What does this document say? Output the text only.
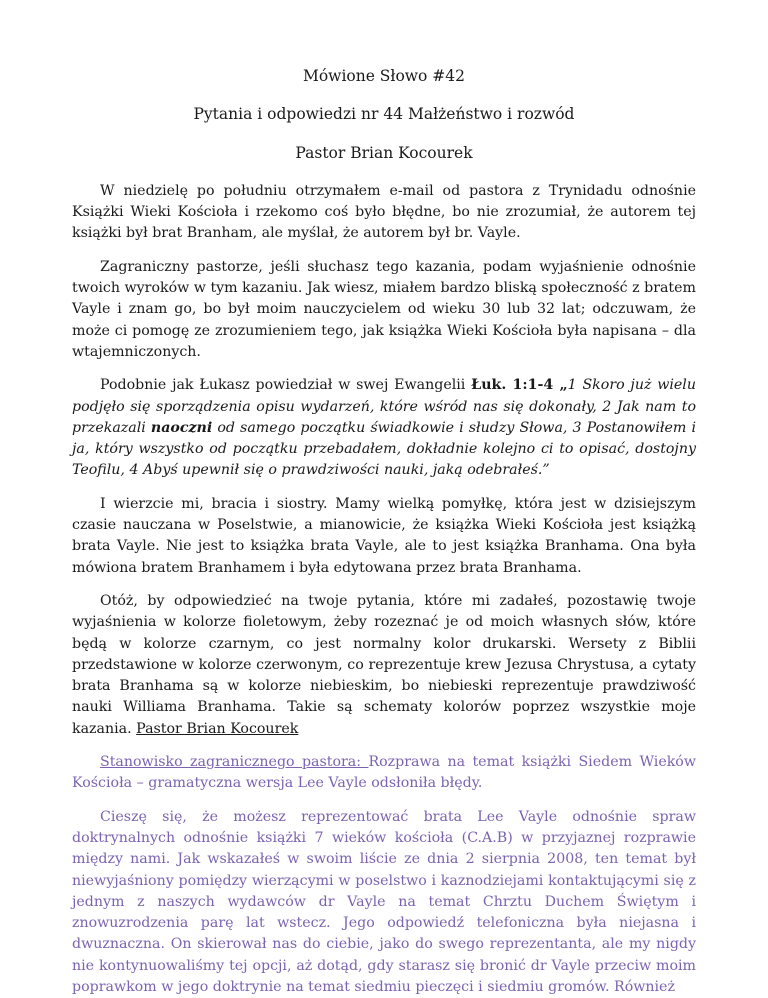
Mówione Słowo #42
Pytania i odpowiedzi nr 44 Małżeństwo i rozwód
Pastor Brian Kocourek

W niedzielę po południu otrzymałem e-mail od pastora z Trynidadu odnośnie Książki Wieki Kościoła i rzekomo coś było błędne, bo nie zrozumiał, że autorem tej książki był brat Branham, ale myślał, że autorem był br. Vayle.

Zagraniczny pastorze, jeśli słuchasz tego kazania, podam wyjaśnienie odnośnie twoich wyroków w tym kazaniu. Jak wiesz, miałem bardzo bliską społeczność z bratem Vayle i znam go, bo był moim nauczycielem od wieku 30 lub 32 lat; odczuwam, że może ci pomogę ze zrozumieniem tego, jak książka Wieki Kościoła była napisana – dla wtajemniczonych.

Podobnie jak Łukasz powiedział w swej Ewangelii Łuk. 1:1-4 „1 Skoro już wielu podjęło się sporządzenia opisu wydarzeń, które wśród nas się dokonały, 2 Jak nam to przekazali naoczni od samego początku świadkowie i słudzy Słowa, 3 Postanowiłem i ja, który wszystko od początku przebadałem, dokładnie kolejno ci to opisać, dostojny Teofilu, 4 Abyś upewnił się o prawdziwości nauki, jaką odebrałeś.”

I wierzcie mi, bracia i siostry. Mamy wielką pomyłkę, która jest w dzisiejszym czasie nauczana w Poselstwie, a mianowicie, że książka Wieki Kościoła jest książką brata Vayle. Nie jest to książka brata Vayle, ale to jest książka Branhama. Ona była mówiona bratem Branhamem i była edytowana przez brata Branhama.

Otóż, by odpowiedzieć na twoje pytania, które mi zadałeś, pozostawię twoje wyjaśnienia w kolorze fioletowym, żeby rozeznać je od moich własnych słów, które będą w kolorze czarnym, co jest normalny kolor drukarski. Wersety z Biblii przedstawione w kolorze czerwonym, co reprezentuje krew Jezusa Chrystusa, a cytaty brata Branhama są w kolorze niebieskim, bo niebieski reprezentuje prawdziwość nauki Williama Branhama. Takie są schematy kolorów poprzez wszystkie moje kazania. Pastor Brian Kocourek

Stanowisko zagranicznego pastora: Rozprawa na temat książki Siedem Wieków Kościoła – gramatyczna wersja Lee Vayle odsłoniła błędy.

Cieszę się, że możesz reprezentować brata Lee Vayle odnośnie spraw doktrynalnych odnośnie książki 7 wieków kościoła (C.A.B) w przyjaznej rozprawie między nami. Jak wskazałeś w swoim liście ze dnia 2 sierpnia 2008, ten temat był niewyjaśniony pomiędzy wierzącymi w poselstwo i kaznodziejami kontaktującymi się z jednym z naszych wydawców dr Vayle na temat Chrztu Duchem Świętym i znowuzrodzenia parę lat wstecz. Jego odpowiedź telefoniczna była niejasna i dwuznaczna. On skierował nas do ciebie, jako do swego reprezentanta, ale my nigdy nie kontynuowaliśmy tej opcji, aż dotąd, gdy starasz się bronić dr Vayle przeciw moim poprawkom w jego doktrynie na temat siedmiu pieczęci i siedmiu gromów. Również
